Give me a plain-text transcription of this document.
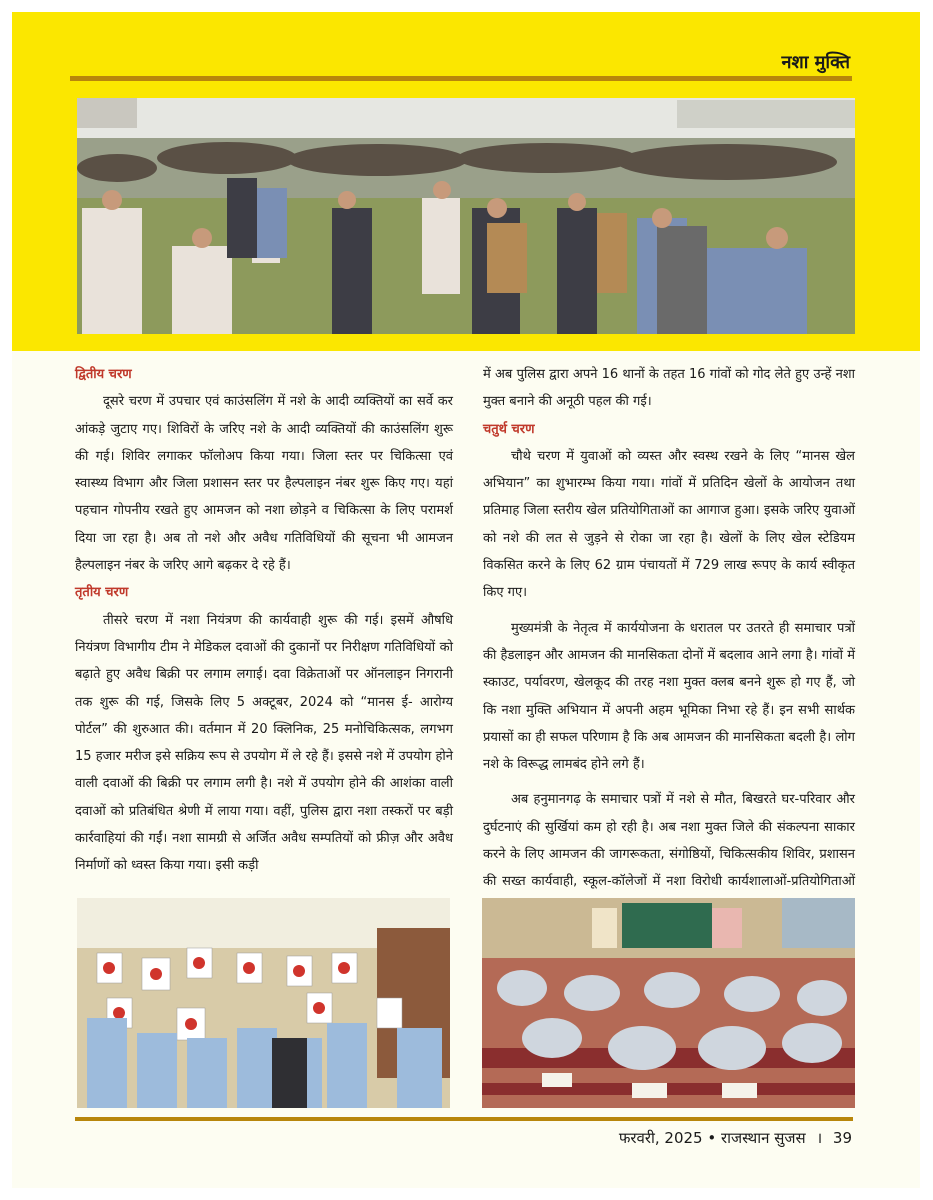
नशा मुक्ति

द्वितीय चरण

दूसरे चरण में उपचार एवं काउंसलिंग में नशे के आदी व्यक्तियों का सर्वे कर आंकड़े जुटाए गए। शिविरों के जरिए नशे के आदी व्यक्तियों की काउंसलिंग शुरू की गई। शिविर लगाकर फॉलोअप किया गया। जिला स्तर पर चिकित्सा एवं स्वास्थ्य विभाग और जिला प्रशासन स्तर पर हैल्पलाइन नंबर शुरू किए गए। यहां पहचान गोपनीय रखते हुए आमजन को नशा छोड़ने व चिकित्सा के लिए परामर्श दिया जा रहा है। अब तो नशे और अवैध गतिविधियों की सूचना भी आमजन हैल्पलाइन नंबर के जरिए आगे बढ़कर दे रहे हैं।

तृतीय चरण

तीसरे चरण में नशा नियंत्रण की कार्यवाही शुरू की गई। इसमें औषधि नियंत्रण विभागीय टीम ने मेडिकल दवाओं की दुकानों पर निरीक्षण गतिविधियों को बढ़ाते हुए अवैध बिक्री पर लगाम लगाई। दवा विक्रेताओं पर ऑनलाइन निगरानी तक शुरू की गई, जिसके लिए 5 अक्टूबर, 2024 को “मानस ई- आरोग्य पोर्टल” की शुरुआत की। वर्तमान में 20 क्लिनिक, 25 मनोचिकित्सक, लगभग 15 हजार मरीज इसे सक्रिय रूप से उपयोग में ले रहे हैं। इससे नशे में उपयोग होने वाली दवाओं की बिक्री पर लगाम लगी है। नशे में उपयोग होने की आशंका वाली दवाओं को प्रतिबंधित श्रेणी में लाया गया। वहीं, पुलिस द्वारा नशा तस्करों पर बड़ी कार्रवाहियां की गईं। नशा सामग्री से अर्जित अवैध सम्पतियों को फ्रीज़ और अवैध निर्माणों को ध्वस्त किया गया। इसी कड़ी

में अब पुलिस द्वारा अपने 16 थानों के तहत 16 गांवों को गोद लेते हुए उन्हें नशा मुक्त बनाने की अनूठी पहल की गई।

चतुर्थ चरण

चौथे चरण में युवाओं को व्यस्त और स्वस्थ रखने के लिए “मानस खेल अभियान” का शुभारम्भ किया गया। गांवों में प्रतिदिन खेलों के आयोजन तथा प्रतिमाह जिला स्तरीय खेल प्रतियोगिताओं का आगाज हुआ। इसके जरिए युवाओं को नशे की लत से जुड़ने से रोका जा रहा है। खेलों के लिए खेल स्टेडियम विकसित करने के लिए 62 ग्राम पंचायतों में 729 लाख रूपए के कार्य स्वीकृत किए गए।

मुख्यमंत्री के नेतृत्व में कार्ययोजना के धरातल पर उतरते ही समाचार पत्रों की हैडलाइन और आमजन की मानसिकता दोनों में बदलाव आने लगा है। गांवों में स्काउट, पर्यावरण, खेलकूद की तरह नशा मुक्त क्लब बनने शुरू हो गए हैं, जो कि नशा मुक्ति अभियान में अपनी अहम भूमिका निभा रहे हैं। इन सभी सार्थक प्रयासों का ही सफल परिणाम है कि अब आमजन की मानसिकता बदली है। लोग नशे के विरूद्ध लामबंद होने लगे हैं।

अब हनुमानगढ़ के समाचार पत्रों में नशे से मौत, बिखरते घर-परिवार और दुर्घटनाएं की सुर्खियां कम हो रही है। अब नशा मुक्त जिले की संकल्पना साकार करने के लिए आमजन की जागरूकता, संगोष्ठियों, चिकित्सकीय शिविर, प्रशासन की सख्त कार्यवाही, स्कूल-कॉलेजों में नशा विरोधी कार्यशालाओं-प्रतियोगिताओं

फरवरी, 2025 • राजस्थान सुजस । 39
